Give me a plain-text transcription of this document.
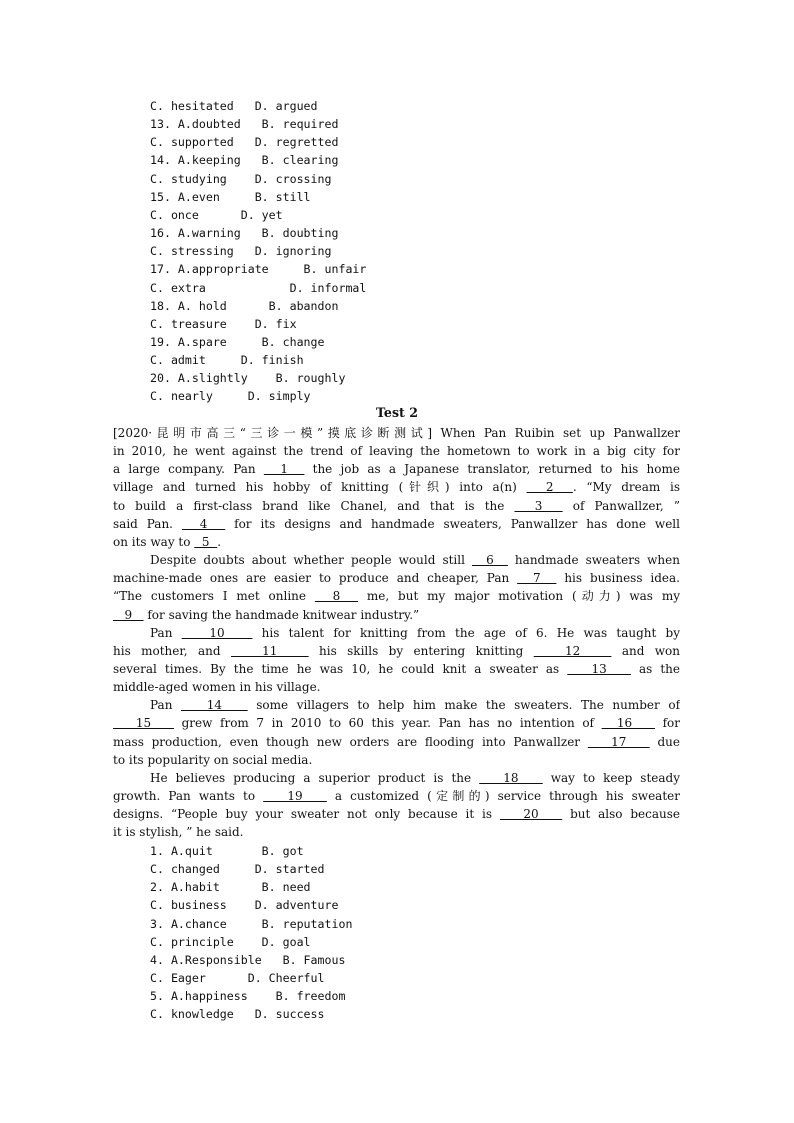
C. hesitated   D. argued
13. A.doubted   B. required
C. supported   D. regretted
14. A.keeping   B. clearing
C. studying    D. crossing
15. A.even     B. still
C. once      D. yet
16. A.warning   B. doubting
C. stressing   D. ignoring
17. A.appropriate     B. unfair
C. extra            D. informal
18. A. hold      B. abandon
C. treasure    D. fix
19. A.spare     B. change
C. admit     D. finish
20. A.slightly    B. roughly
C. nearly     D. simply
Test 2
[2020·昆明市高三“三诊一模”摸底诊断测试] When Pan Ruibin set up Panwallzer
in 2010, he went against the trend of leaving the hometown to work in a big city for
a large company. Pan   1   the job as a Japanese translator, returned to his home
village and turned his hobby of knitting (针织) into a(n)   2  . “My dream is
to build a first-class brand like Chanel, and that is the   3   of Panwallzer, ”
said Pan.   4   for its designs and handmade sweaters, Panwallzer has done well
on its way to   5  .
Despite doubts about whether people would still   6   handmade sweaters when
machine-made ones are easier to produce and cheaper, Pan   7   his business idea.
“The customers I met online   8   me, but my major motivation (动力) was my
9    for saving the handmade knitwear industry.”
Pan    10    his talent for knitting from the age of 6. He was taught by
his mother, and    11    his skills by entering knitting    12    and won
several times. By the time he was 10, he could knit a sweater as    13    as the
middle-aged women in his village.
Pan    14    some villagers to help him make the sweaters. The number of
15    grew from 7 in 2010 to 60 this year. Pan has no intention of   16    for
mass production, even though new orders are flooding into Panwallzer    17    due
to its popularity on social media.
He believes producing a superior product is the    18    way to keep steady
growth. Pan wants to    19    a customized (定制的) service through his sweater
designs. “People buy your sweater not only because it is    20    but also because
it is stylish, ” he said.
1. A.quit       B. got
C. changed     D. started
2. A.habit      B. need
C. business    D. adventure
3. A.chance     B. reputation
C. principle    D. goal
4. A.Responsible   B. Famous
C. Eager      D. Cheerful
5. A.happiness    B. freedom
C. knowledge   D. success
